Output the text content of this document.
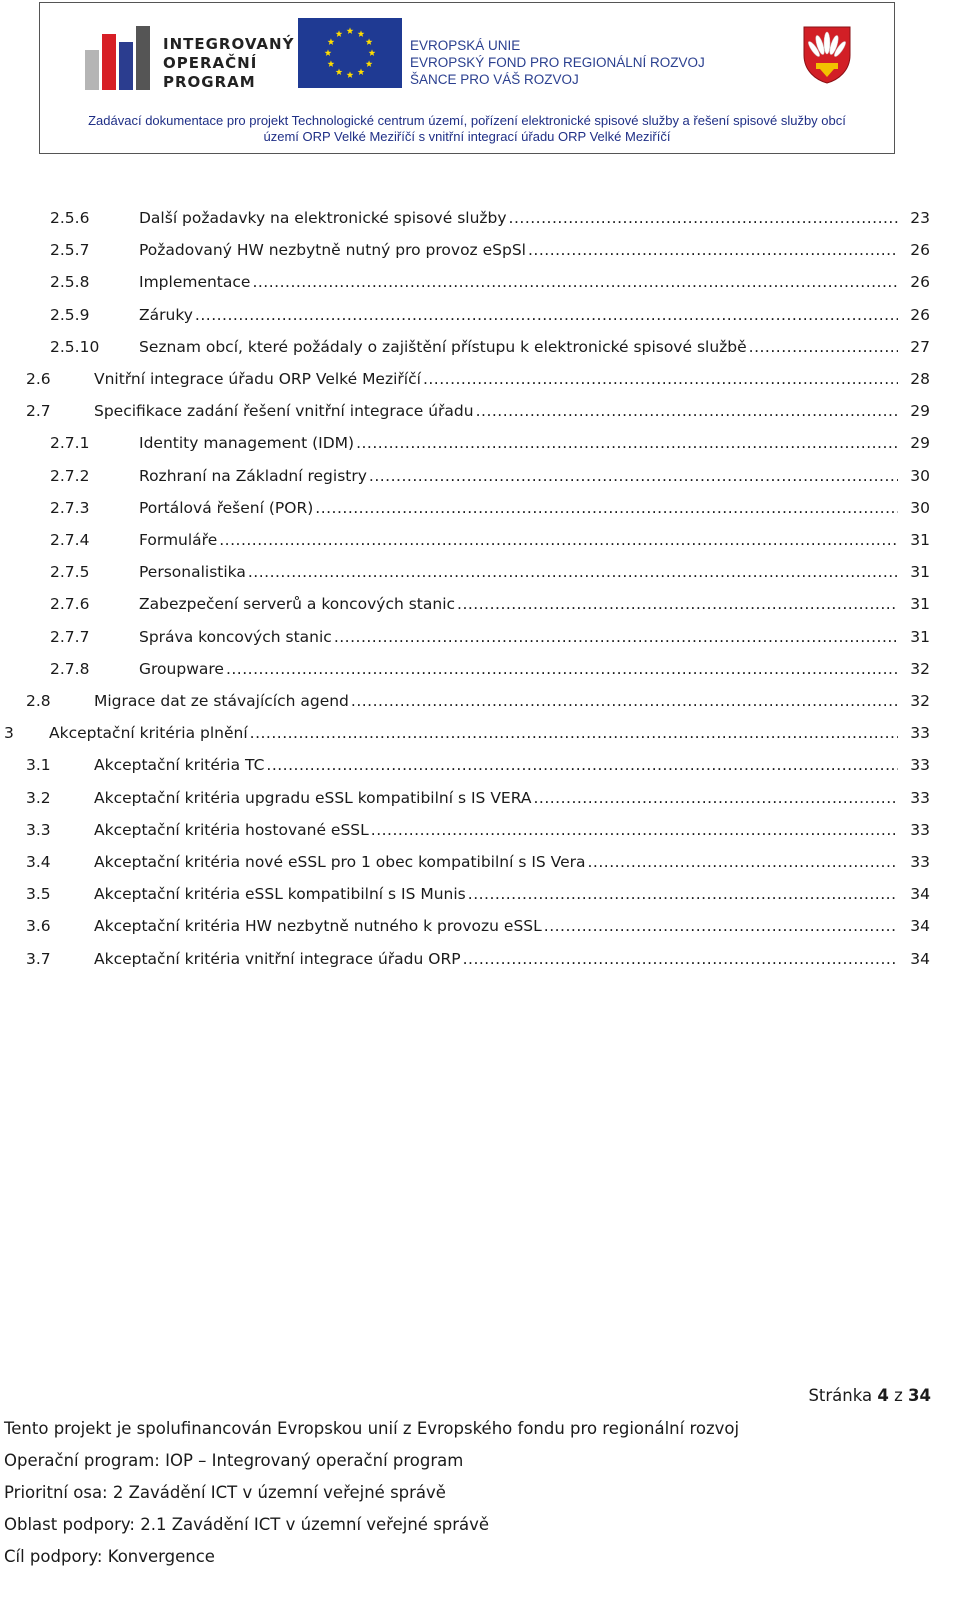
INTEGROVANÝ
OPERAČNÍ
PROGRAM
EVROPSKÁ UNIE
EVROPSKÝ FOND PRO REGIONÁLNÍ ROZVOJ
ŠANCE PRO VÁŠ ROZVOJ
Zadávací dokumentace pro projekt Technologické centrum území, pořízení elektronické spisové služby a řešení spisové služby obcí
území ORP Velké Meziříčí s vnitřní integrací úřadu ORP Velké Meziříčí
2.5.6	Další požadavky na elektronické spisové služby .....	23
2.5.7	Požadovaný HW nezbytně nutný pro provoz eSpSl .....	26
2.5.8	Implementace .....	26
2.5.9	Záruky .....	26
2.5.10	Seznam obcí, které požádaly o zajištění přístupu k elektronické spisové službě .....	27
2.6	Vnitřní integrace úřadu ORP Velké Meziříčí .....	28
2.7	Specifikace zadání řešení vnitřní integrace úřadu .....	29
2.7.1	Identity management (IDM) .....	29
2.7.2	Rozhraní na Základní registry .....	30
2.7.3	Portálová řešení (POR) .....	30
2.7.4	Formuláře .....	31
2.7.5	Personalistika .....	31
2.7.6	Zabezpečení serverů a koncových stanic .....	31
2.7.7	Správa koncových stanic .....	31
2.7.8	Groupware .....	32
2.8	Migrace dat ze stávajících agend .....	32
3	Akceptační kritéria plnění .....	33
3.1	Akceptační kritéria TC .....	33
3.2	Akceptační kritéria upgradu eSSL kompatibilní s IS VERA .....	33
3.3	Akceptační kritéria hostované eSSL .....	33
3.4	Akceptační kritéria nové eSSL pro 1 obec kompatibilní s IS Vera .....	33
3.5	Akceptační kritéria eSSL kompatibilní s IS Munis .....	34
3.6	Akceptační kritéria HW nezbytně nutného k provozu eSSL .....	34
3.7	Akceptační kritéria vnitřní integrace úřadu ORP .....	34
Stránka 4 z 34
Tento projekt je spolufinancován Evropskou unií z Evropského fondu pro regionální rozvoj
Operační program: IOP – Integrovaný operační program
Prioritní osa: 2 Zavádění ICT v územní veřejné správě
Oblast podpory: 2.1 Zavádění ICT v územní veřejné správě
Cíl podpory: Konvergence
